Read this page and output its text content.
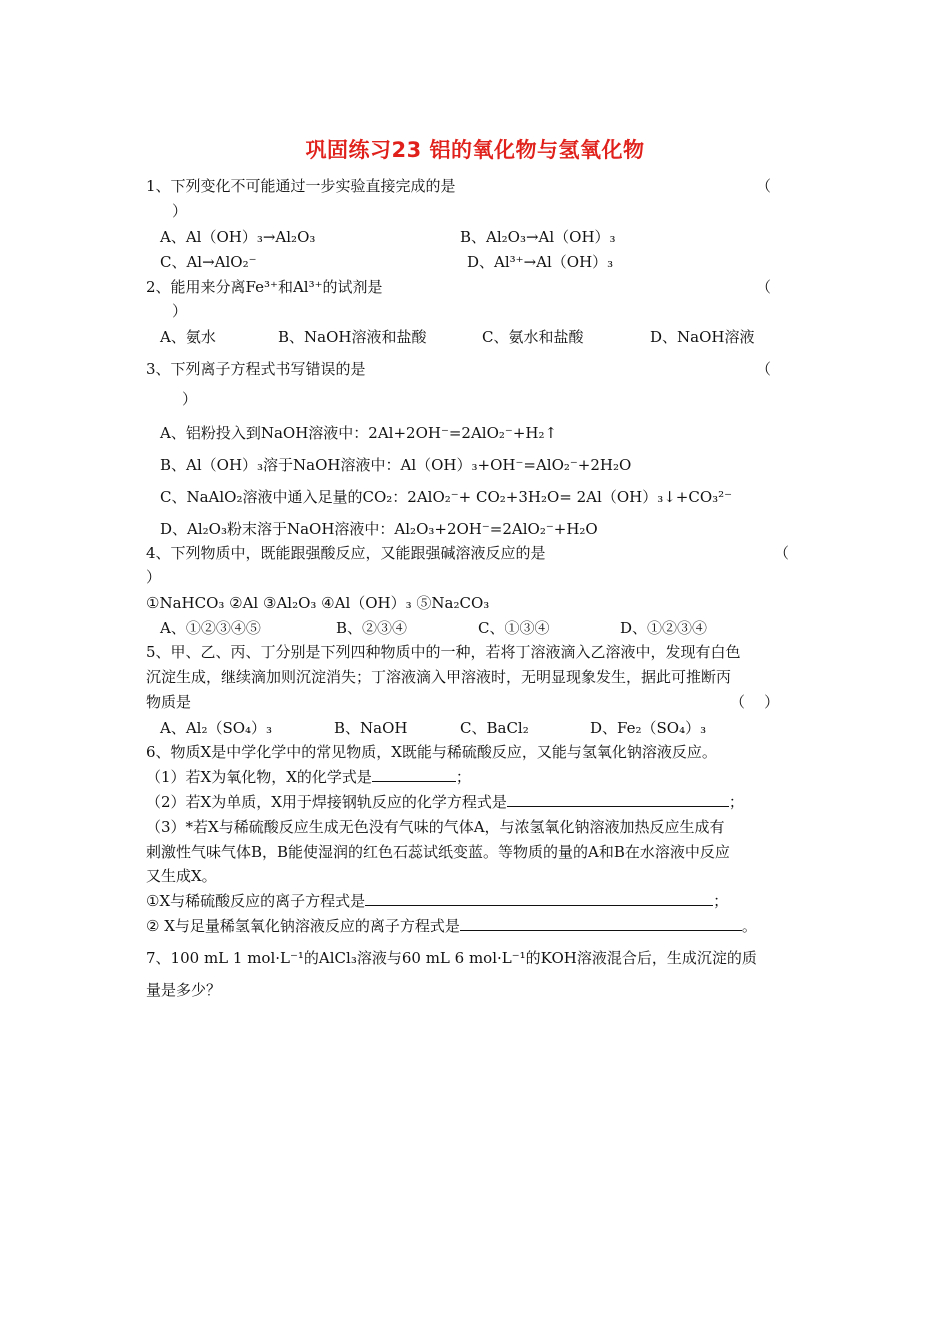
巩固练习23 铝的氧化物与氢氧化物
1、下列变化不可能通过一步实验直接完成的是	（
）
A、Al（OH）₃→Al₂O₃	B、Al₂O₃→Al（OH）₃
C、Al→AlO₂⁻	D、Al³⁺→Al（OH）₃
2、能用来分离Fe³⁺和Al³⁺的试剂是	（
）
A、氨水	B、NaOH溶液和盐酸	C、氨水和盐酸	D、NaOH溶液
3、下列离子方程式书写错误的是	（
）
A、铝粉投入到NaOH溶液中：2Al+2OH⁻=2AlO₂⁻+H₂↑
B、Al（OH）₃溶于NaOH溶液中：Al（OH）₃+OH⁻=AlO₂⁻+2H₂O
C、NaAlO₂溶液中通入足量的CO₂：2AlO₂⁻+ CO₂+3H₂O= 2Al（OH）₃↓+CO₃²⁻
D、Al₂O₃粉末溶于NaOH溶液中：Al₂O₃+2OH⁻=2AlO₂⁻+H₂O
4、下列物质中，既能跟强酸反应，又能跟强碱溶液反应的是	（
）
①NaHCO₃ ②Al ③Al₂O₃ ④Al（OH）₃ ⑤Na₂CO₃
A、①②③④⑤	B、②③④	C、①③④	D、①②③④
5、甲、乙、丙、丁分别是下列四种物质中的一种，若将丁溶液滴入乙溶液中，发现有白色
沉淀生成，继续滴加则沉淀消失；丁溶液滴入甲溶液时，无明显现象发生，据此可推断丙
物质是	（    ）
A、Al₂（SO₄）₃	B、NaOH	C、BaCl₂	D、Fe₂（SO₄）₃
6、物质X是中学化学中的常见物质，X既能与稀硫酸反应，又能与氢氧化钠溶液反应。
（1）若X为氧化物，X的化学式是	；
（2）若X为单质，X用于焊接钢轨反应的化学方程式是	；
（3）*若X与稀硫酸反应生成无色没有气味的气体A，与浓氢氧化钠溶液加热反应生成有
刺激性气味气体B，B能使湿润的红色石蕊试纸变蓝。等物质的量的A和B在水溶液中反应
又生成X。
①X与稀硫酸反应的离子方程式是	；
② X与足量稀氢氧化钠溶液反应的离子方程式是	。
7、100 mL 1 mol·L⁻¹的AlCl₃溶液与60 mL 6 mol·L⁻¹的KOH溶液混合后，生成沉淀的质
量是多少？
